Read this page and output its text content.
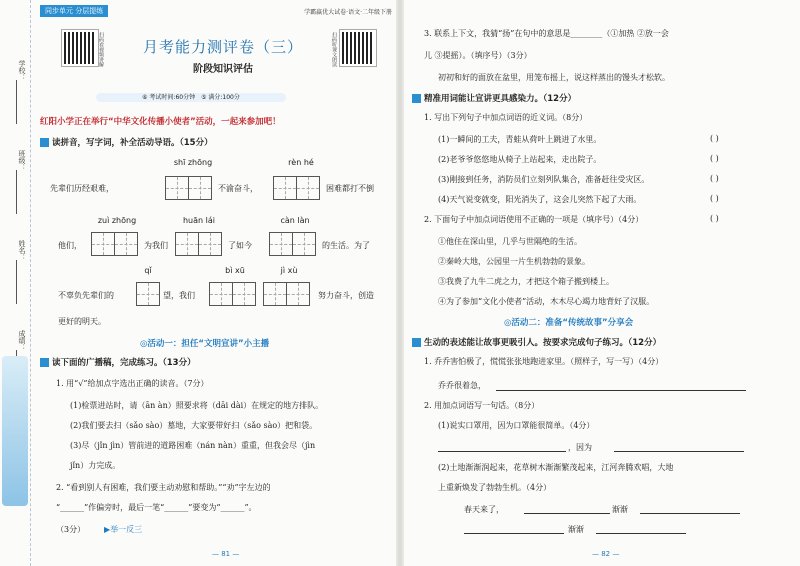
学校：
班级：
姓名：
成绩：
同步单元 分层提练	学霸赢优大试卷·语文·二年级下册
扫码看视频讲解	月考能力测评卷（三）
阶段知识评估
扫码听课文朗读
⑥ 考试时间:60分钟　⑤ 满分:100分
红阳小学正在举行“中华文化传播小使者”活动，一起来参加吧！
读拼音，写字词，补全活动导语。（15分）
shī zhōng	rèn hé
先辈们历经艰难，	不渝奋斗，	困难都打不倒
zuì zhōng	huān lái	càn làn
他们，	为我们	了如今	的生活。为了
qǐ	bì xū	jì xù
不辜负先辈们的	望，我们	努力奋斗，创造
更好的明天。
◎活动一：担任“文明宣讲”小主播
读下面的广播稿，完成练习。（13分）
1. 用“√”给加点字选出正确的读音。（7分）
(1)检票进站时，请（ān àn）照要求将（dāi dài）在规定的地方排队。
(2)我们要去扫（sǎo sào）墓地，大家要带好扫（sǎo sào）把和袋。
(3)尽（jǐn jìn）管前进的道路困难（nán nàn）重重，但我会尽（jìn
jǐn）力完成。
2. “看到别人有困难，我们要主动劝慰和帮助。”“劝”字左边的
“______”作偏旁时，最后一笔“______”要变为“______”。
（3分） ▶举一反三
— 81 —
3. 联系上下文，我猜“扬”在句中的意思是________（①加热 ②放一会
儿 ③提摇）。（填序号）（3分）
初初和好的面放在盆里，用笼布摇上，说这样蒸出的馒头才松软。
精准用词能让宣讲更具感染力。（12分）
1. 写出下列句子中加点词语的近义词。（8分）
(1)一瞬间的工夫，青蛙从荷叶上跳进了水里。	( )
(2)老爷爷悠悠地从椅子上站起来，走出院子。	( )
(3)刚接到任务，消防员们立刻列队集合，准备赶往受灾区。	( )
(4)天气说变就变，阳光消失了，这会儿突然下起了大雨。	( )
2. 下面句子中加点词语使用不正确的一项是（填序号）（4分）	( )
①他住在深山里，几乎与世隔绝的生活。
②秦岭大地，公园里一片生机勃勃的景象。
③我费了九牛二虎之力，才把这个箱子搬到楼上。
④为了参加“文化小使者”活动，木木尽心竭力地背好了汉服。
◎活动二：准备“传统故事”分享会
生动的表述能让故事更吸引人。按要求完成句子练习。（12分）
1. 乔乔害怕极了，慌慌张张地跑进家里。（照样子，写一写）（4分）
乔乔很着急，
2. 用加点词语写一句话。（8分）
(1)说实口罩用，因为口罩能很简单。（4分）
，因为
(2)土地渐渐润起来，花草树木渐渐繁茂起来，江河奔腾欢唱，大地
上重新焕发了勃勃生机。（4分）
春天来了，	渐渐
渐渐
— 82 —
